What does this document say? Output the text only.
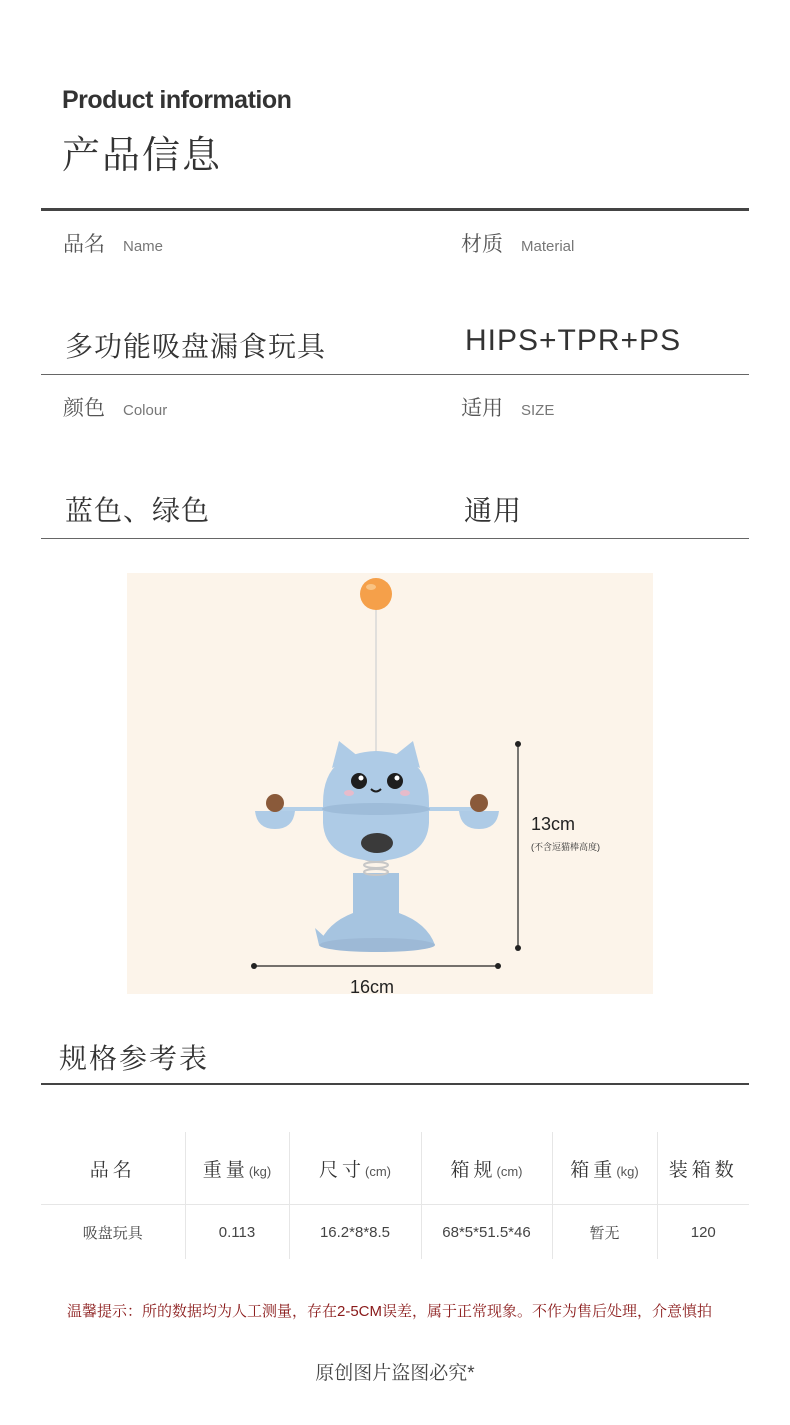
Product information
产品信息
品名 Name	材质 Material
多功能吸盘漏食玩具	HIPS+TPR+PS
颜色 Colour	适用 SIZE
蓝色、绿色	通用
13cm
(不含逗猫棒高度)
16cm
规格参考表
品名	重量(kg)	尺寸(cm)	箱规(cm)	箱重(kg)	装箱数
吸盘玩具	0.113	16.2*8*8.5	68*5*51.5*46	暂无	120
温馨提示：所的数据均为人工测量，存在2-5CM误差，属于正常现象。不作为售后处理，介意慎拍
原创图片盗图必究*
